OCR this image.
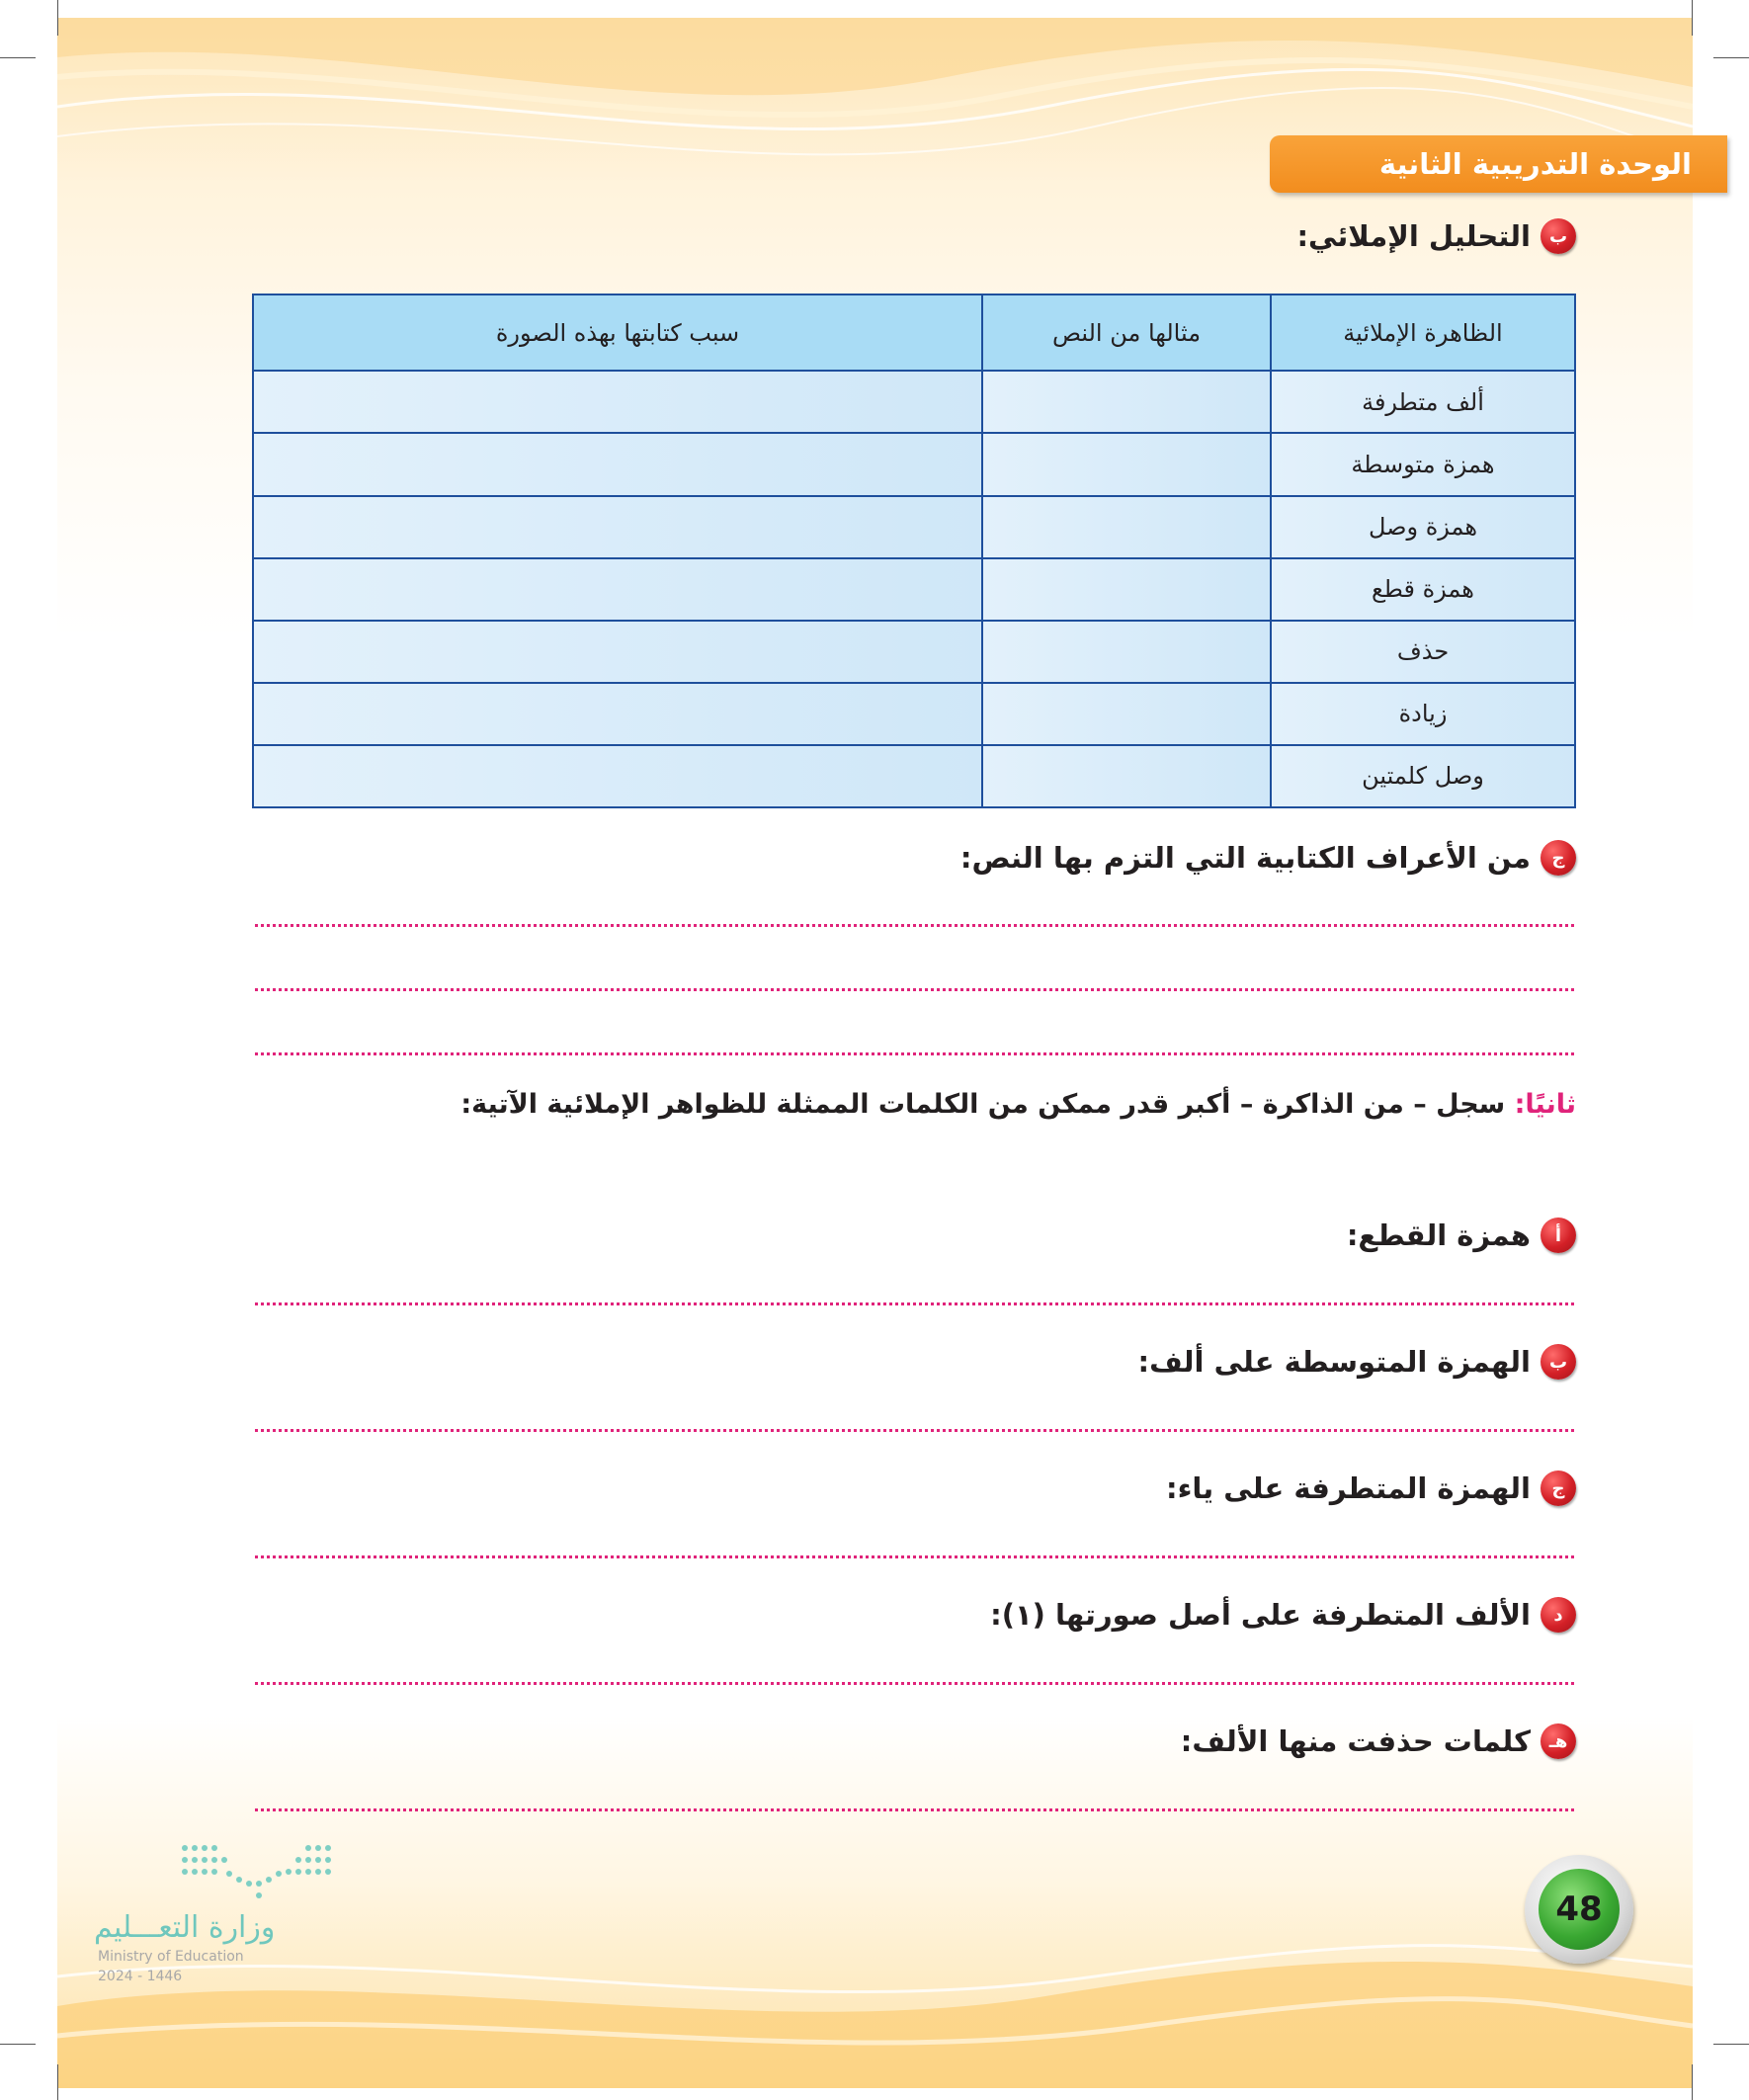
الوحدة التدريبية الثانية
ب
التحليل الإملائي:
الظاهرة الإملائية	مثالها من النص	سبب كتابتها بهذه الصورة
ألف متطرفة		
همزة متوسطة		
همزة وصل		
همزة قطع		
حذف		
زيادة		
وصل كلمتين		
ج
من الأعراف الكتابية التي التزم بها النص:
ثانيًا: سجل – من الذاكرة – أكبر قدر ممكن من الكلمات الممثلة للظواهر الإملائية الآتية:
أ
همزة القطع:
ب
الهمزة المتوسطة على ألف:
ج
الهمزة المتطرفة على ياء:
د
الألف المتطرفة على أصل صورتها (١):
هـ
كلمات حذفت منها الألف:
48
وزارة التعـــليم
Ministry of Education
2024 - 1446
